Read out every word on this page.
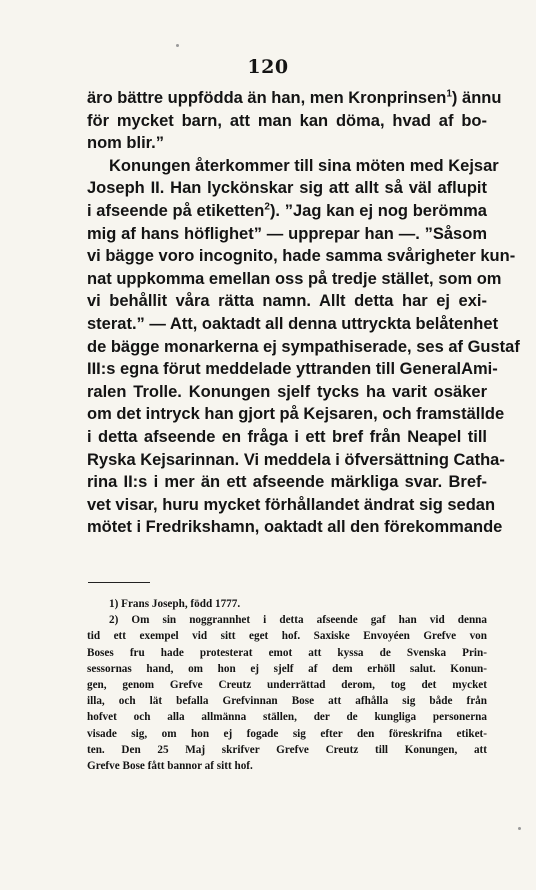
120
äro bättre uppfödda än han, men Kronprinsen$^1$) ännu
för mycket barn, att man kan döma, hvad af bo-
nom blir.”
Konungen återkommer till sina möten med Kejsar
Joseph II. Han lyckönskar sig att allt så väl aflupit
i afseende på etiketten$^2$). ”Jag kan ej nog berömma
mig af hans höflighet” — upprepar han —. ”Såsom
vi bägge voro incognito, hade samma svårigheter kun-
nat uppkomma emellan oss på tredje stället, som om
vi behållit våra rätta namn. Allt detta har ej exi-
sterat.” — Att, oaktadt all denna uttryckta belåtenhet
de bägge monarkerna ej sympathiserade, ses af Gustaf
III:s egna förut meddelade yttranden till GeneralAmi-
ralen Trolle. Konungen sjelf tycks ha varit osäker
om det intryck han gjort på Kejsaren, och framställde
i detta afseende en fråga i ett bref från Neapel till
Ryska Kejsarinnan. Vi meddela i öfversättning Catha-
rina II:s i mer än ett afseende märkliga svar. Bref-
vet visar, huru mycket förhållandet ändrat sig sedan
mötet i Fredrikshamn, oaktadt all den förekommande
1) Frans Joseph, född 1777.
2) Om sin noggrannhet i detta afseende gaf han vid denna
tid ett exempel vid sitt eget hof. Saxiske Envoyéen Grefve von
Boses fru hade protesterat emot att kyssa de Svenska Prin-
sessornas hand, om hon ej sjelf af dem erhöll salut. Konun-
gen, genom Grefve Creutz underrättad derom, tog det mycket
illa, och lät befalla Grefvinnan Bose att afhålla sig både från
hofvet och alla allmänna ställen, der de kungliga personerna
visade sig, om hon ej fogade sig efter den föreskrifna etiket-
ten. Den 25 Maj skrifver Grefve Creutz till Konungen, att
Grefve Bose fått bannor af sitt hof.
